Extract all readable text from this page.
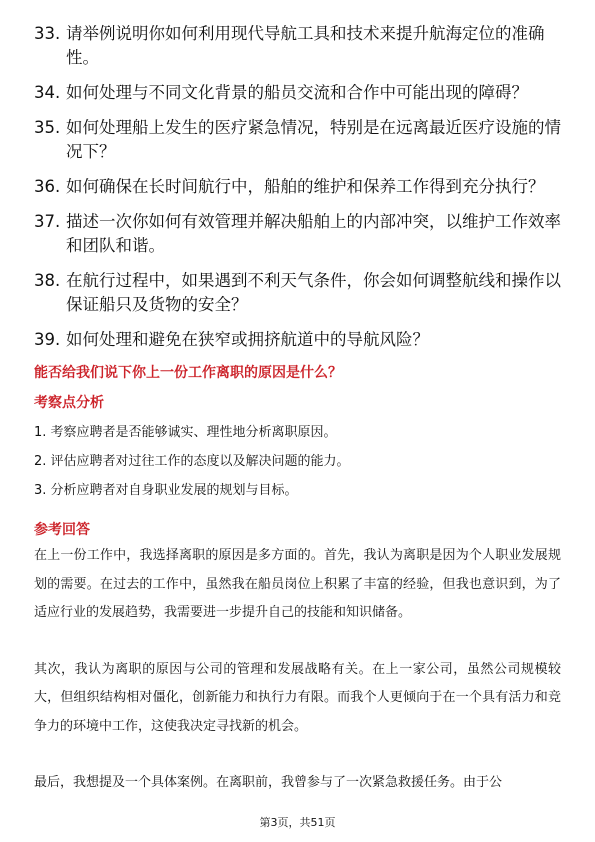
33. 请举例说明你如何利用现代导航工具和技术来提升航海定位的准确性。
34. 如何处理与不同文化背景的船员交流和合作中可能出现的障碍？
35. 如何处理船上发生的医疗紧急情况，特别是在远离最近医疗设施的情况下？
36. 如何确保在长时间航行中，船舶的维护和保养工作得到充分执行？
37. 描述一次你如何有效管理并解决船舶上的内部冲突，以维护工作效率和团队和谐。
38. 在航行过程中，如果遇到不利天气条件，你会如何调整航线和操作以保证船只及货物的安全？
39. 如何处理和避免在狭窄或拥挤航道中的导航风险？

能否给我们说下你上一份工作离职的原因是什么？

考察点分析

1. 考察应聘者是否能够诚实、理性地分析离职原因。

2. 评估应聘者对过往工作的态度以及解决问题的能力。

3. 分析应聘者对自身职业发展的规划与目标。

参考回答

在上一份工作中，我选择离职的原因是多方面的。首先，我认为离职是因为个人职业发展规划的需要。在过去的工作中，虽然我在船员岗位上积累了丰富的经验，但我也意识到，为了适应行业的发展趋势，我需要进一步提升自己的技能和知识储备。

其次，我认为离职的原因与公司的管理和发展战略有关。在上一家公司，虽然公司规模较大，但组织结构相对僵化，创新能力和执行力有限。而我个人更倾向于在一个具有活力和竞争力的环境中工作，这使我决定寻找新的机会。

最后，我想提及一个具体案例。在离职前，我曾参与了一次紧急救援任务。由于公

第3页，共51页
